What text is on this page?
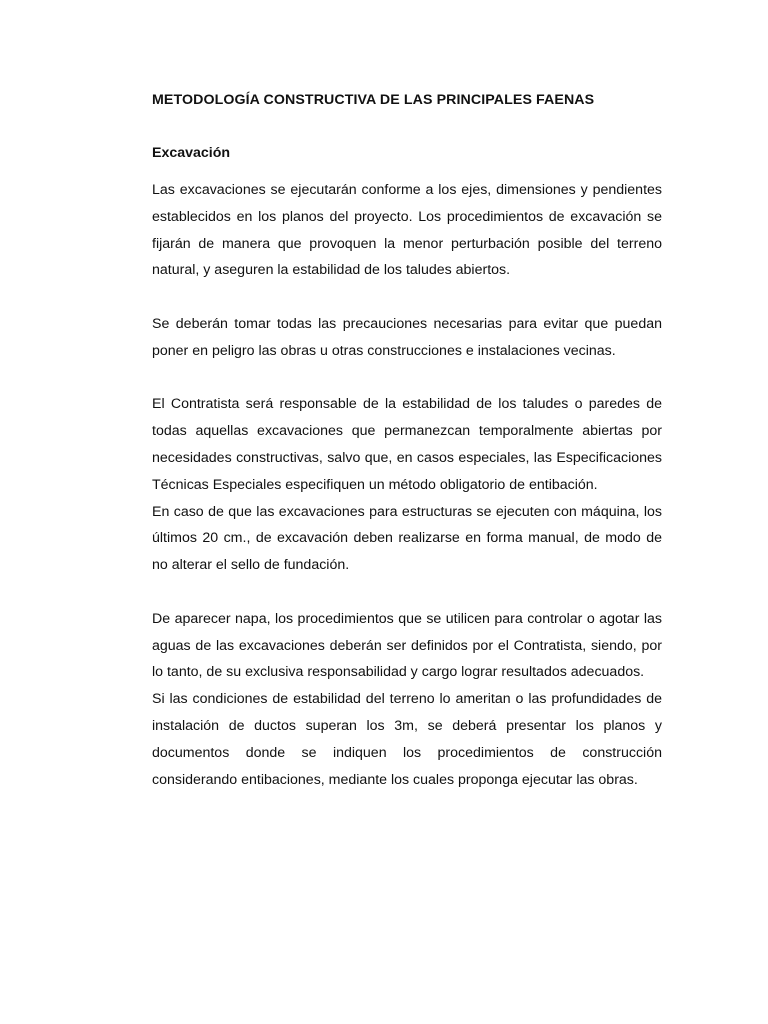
METODOLOGÍA CONSTRUCTIVA DE LAS PRINCIPALES FAENAS
Excavación

Las excavaciones se ejecutarán conforme a los ejes, dimensiones y pendientes establecidos en los planos del proyecto. Los procedimientos de excavación se fijarán de manera que provoquen la menor perturbación posible del terreno natural, y aseguren la estabilidad de los taludes abiertos.

Se deberán tomar todas las precauciones necesarias para evitar que puedan poner en peligro las obras u otras construcciones e instalaciones vecinas.

El Contratista será responsable de la estabilidad de los taludes o paredes de todas aquellas excavaciones que permanezcan temporalmente abiertas por necesidades constructivas, salvo que, en casos especiales, las Especificaciones Técnicas Especiales especifiquen un método obligatorio de entibación.

En caso de que las excavaciones para estructuras se ejecuten con máquina, los últimos 20 cm., de excavación deben realizarse en forma manual, de modo de no alterar el sello de fundación.

De aparecer napa, los procedimientos que se utilicen para controlar o agotar las aguas de las excavaciones deberán ser definidos por el Contratista, siendo, por lo tanto, de su exclusiva responsabilidad y cargo lograr resultados adecuados.

Si las condiciones de estabilidad del terreno lo ameritan o las profundidades de instalación de ductos superan los 3m, se deberá presentar los planos y documentos donde se indiquen los procedimientos de construcción considerando entibaciones, mediante los cuales proponga ejecutar las obras.
